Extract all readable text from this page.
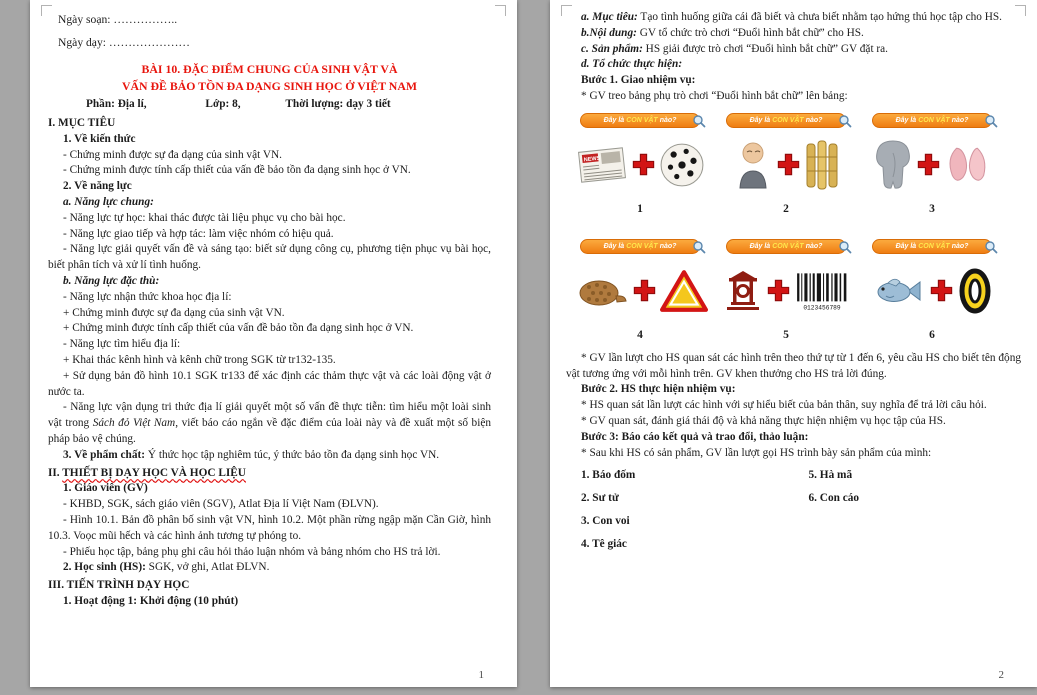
Ngày soạn: ……………..

Ngày dạy: …………………

BÀI 10. ĐẶC ĐIỂM CHUNG CỦA SINH VẬT VÀ

VẤN ĐỀ BẢO TỒN ĐA DẠNG SINH HỌC Ở VIỆT NAM

Phần: Địa lí,	Lớp: 8,	Thời lượng: dạy 3 tiết

I. MỤC TIÊU

1. Về kiến thức

- Chứng minh được sự đa dạng của sinh vật VN.

- Chứng minh được tính cấp thiết của vấn đề bảo tồn đa dạng sinh học ở VN.

2. Về năng lực

a. Năng lực chung:

- Năng lực tự học: khai thác được tài liệu phục vụ cho bài học.

- Năng lực giao tiếp và hợp tác: làm việc nhóm có hiệu quả.

- Năng lực giải quyết vấn đề và sáng tạo: biết sử dụng công cụ, phương tiện phục vụ bài học, biết phân tích và xử lí tình huống.

b. Năng lực đặc thù:

- Năng lực nhận thức khoa học địa lí:

+ Chứng minh được sự đa dạng của sinh vật VN.

+ Chứng minh được tính cấp thiết của vấn đề bảo tồn đa dạng sinh học ở VN.

- Năng lực tìm hiểu địa lí:

+ Khai thác kênh hình và kênh chữ trong SGK từ tr132-135.

+ Sử dụng bản đồ hình 10.1 SGK tr133 để xác định các thảm thực vật và các loài động vật ở nước ta.

- Năng lực vận dụng tri thức địa lí giải quyết một số vấn đề thực tiễn: tìm hiểu một loài sinh vật trong Sách đỏ Việt Nam, viết báo cáo ngắn về đặc điểm của loài này và đề xuất một số biện pháp bảo vệ chúng.

3. Về phẩm chất: Ý thức học tập nghiêm túc, ý thức bảo tồn đa dạng sinh học VN.

II. THIẾT BỊ DẠY HỌC VÀ HỌC LIỆU

1. Giáo viên (GV)

- KHBD, SGK, sách giáo viên (SGV), Atlat Địa lí Việt Nam (ĐLVN).

- Hình 10.1. Bản đồ phân bố sinh vật VN, hình 10.2. Một phần rừng ngập mặn Cần Giờ, hình 10.3. Voọc mũi hếch và các hình ảnh tương tự phóng to.

- Phiếu học tập, bảng phụ ghi câu hỏi thảo luận nhóm và bảng nhóm cho HS trả lời.

2. Học sinh (HS): SGK, vở ghi, Atlat ĐLVN.

III. TIẾN TRÌNH DẠY HỌC

1. Hoạt động 1: Khởi động (10 phút)

1

a. Mục tiêu: Tạo tình huống giữa cái đã biết và chưa biết nhằm tạo hứng thú học tập cho HS.

b.Nội dung: GV tổ chức trò chơi “Đuổi hình bắt chữ” cho HS.

c. Sản phẩm: HS giải được trò chơi “Đuổi hình bắt chữ” GV đặt ra.

d. Tổ chức thực hiện:

Bước 1. Giao nhiệm vụ:

* GV treo bảng phụ trò chơi “Đuổi hình bắt chữ” lên bảng:

Đây là CON VẬT nào?
NEWS
1
Đây là CON VẬT nào?
2
Đây là CON VẬT nào?
3
Đây là CON VẬT nào?
4
Đây là CON VẬT nào?
0123456789
5
Đây là CON VẬT nào?
6

* GV lần lượt cho HS quan sát các hình trên theo thứ tự từ 1 đến 6, yêu cầu HS cho biết tên động vật tương ứng với mỗi hình trên. GV khen thưởng cho HS trả lời đúng.

Bước 2. HS thực hiện nhiệm vụ:

* HS quan sát lần lượt các hình với sự hiểu biết của bản thân, suy nghĩa để trả lời câu hỏi.

* GV quan sát, đánh giá thái độ và khả năng thực hiện nhiệm vụ học tập của HS.

Bước 3: Báo cáo kết quả và trao đổi, thảo luận:

* Sau khi HS có sản phẩm, GV lần lượt gọi HS trình bày sản phẩm của mình:

1. Báo đốm

2. Sư tử

3. Con voi

4. Tê giác

5. Hà mã

6. Con cáo

2
